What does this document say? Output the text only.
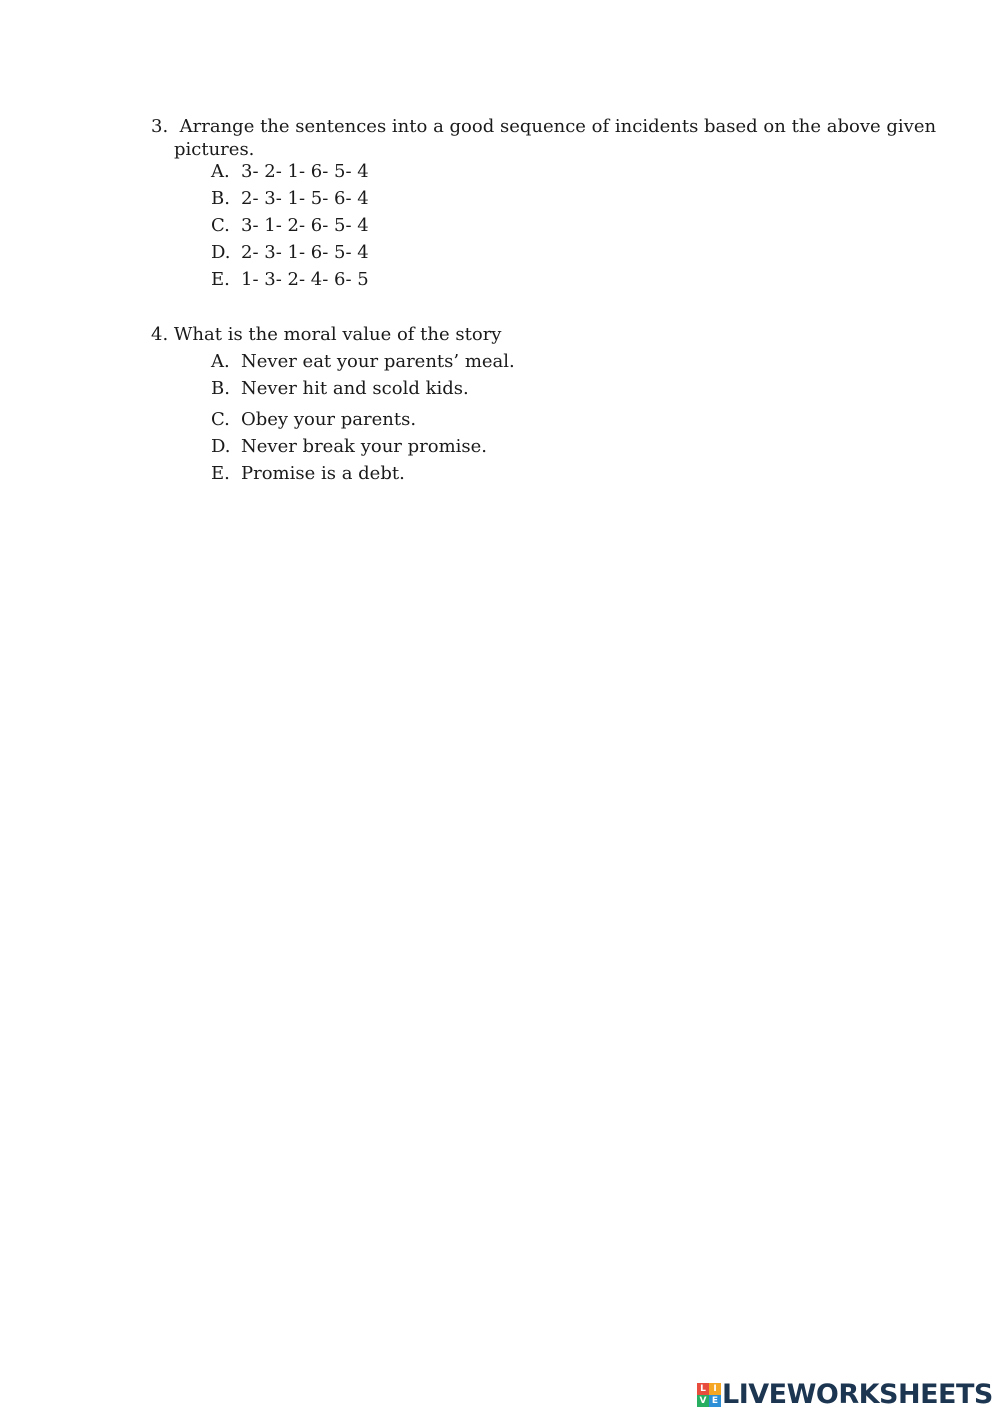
3. Arrange the sentences into a good sequence of incidents based on the above given
pictures.
A. 3- 2- 1- 6- 5- 4
B. 2- 3- 1- 5- 6- 4
C. 3- 1- 2- 6- 5- 4
D. 2- 3- 1- 6- 5- 4
E. 1- 3- 2- 4- 6- 5
4. What is the moral value of the story
A. Never eat your parents’ meal.
B. Never hit and scold kids.
C. Obey your parents.
D. Never break your promise.
E. Promise is a debt.
L I
V E LIVEWORKSHEETS
